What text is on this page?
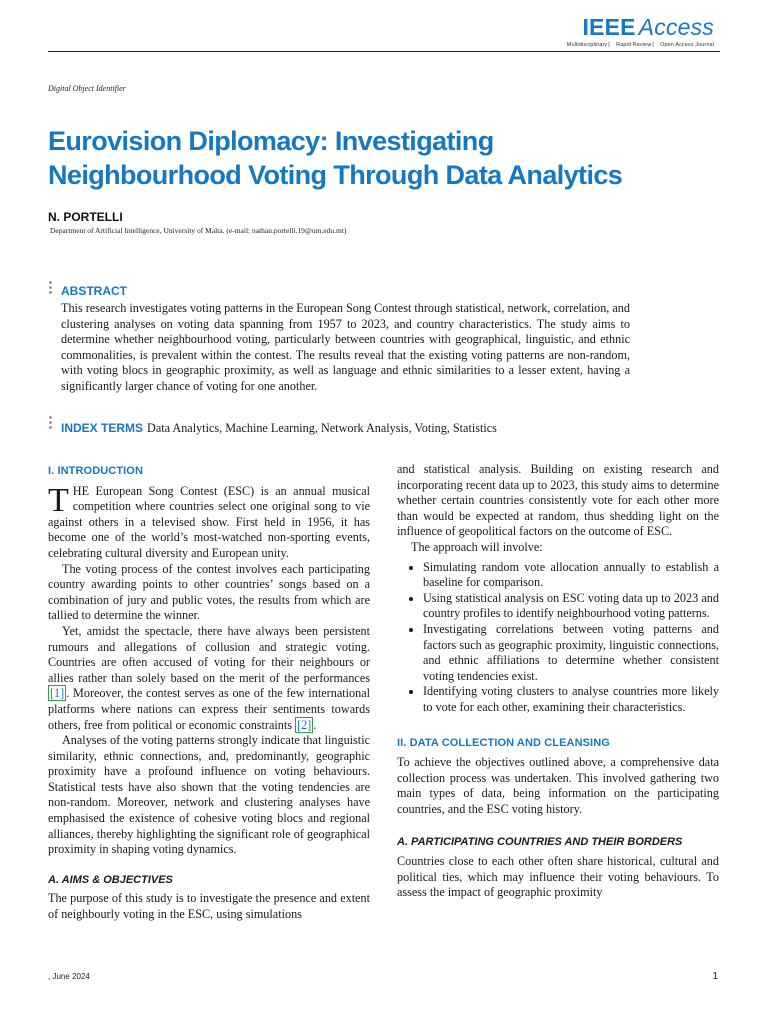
IEEE Access
Multidisciplinary ⎸ Rapid Review ⎸ Open Access Journal
Digital Object Identifier
Eurovision Diplomacy: Investigating
Neighbourhood Voting Through Data Analytics
N. PORTELLI
Department of Artificial Intelligence, University of Malta. (e-mail: nathan.portelli.19@um.edu.mt)
ABSTRACT
This research investigates voting patterns in the European Song Contest through statistical, network, correlation, and clustering analyses on voting data spanning from 1957 to 2023, and country characteristics. The study aims to determine whether neighbourhood voting, particularly between countries with geographical, linguistic, and ethnic commonalities, is prevalent within the contest. The results reveal that the existing voting patterns are non-random, with voting blocs in geographic proximity, as well as language and ethnic similarities to a lesser extent, having a significantly larger chance of voting for one another.
INDEX TERMS Data Analytics, Machine Learning, Network Analysis, Voting, Statistics
I. INTRODUCTION

THE European Song Contest (ESC) is an annual musical competition where countries select one original song to vie against others in a televised show. First held in 1956, it has become one of the world’s most-watched non-sporting events, celebrating cultural diversity and European unity.

The voting process of the contest involves each participating country awarding points to other countries’ songs based on a combination of jury and public votes, the results from which are tallied to determine the winner.

Yet, amidst the spectacle, there have always been persistent rumours and allegations of collusion and strategic voting. Countries are often accused of voting for their neighbours or allies rather than solely based on the merit of the performances [1] . Moreover, the contest serves as one of the few international platforms where nations can express their sentiments towards others, free from political or economic constraints [2] .

Analyses of the voting patterns strongly indicate that linguistic similarity, ethnic connections, and, predominantly, geographic proximity have a profound influence on voting behaviours. Statistical tests have also shown that the voting tendencies are non-random. Moreover, network and clustering analyses have emphasised the existence of cohesive voting blocs and regional alliances, thereby highlighting the significant role of geographical proximity in shaping voting dynamics.

A. AIMS & OBJECTIVES

The purpose of this study is to investigate the presence and extent of neighbourly voting in the ESC, using simulations

and statistical analysis. Building on existing research and incorporating recent data up to 2023, this study aims to determine whether certain countries consistently vote for each other more than would be expected at random, thus shedding light on the influence of geopolitical factors on the outcome of ESC.

The approach will involve:

• Simulating random vote allocation annually to establish a baseline for comparison.
• Using statistical analysis on ESC voting data up to 2023 and country profiles to identify neighbourhood voting patterns.
• Investigating correlations between voting patterns and factors such as geographic proximity, linguistic connections, and ethnic affiliations to determine whether consistent voting tendencies exist.
• Identifying voting clusters to analyse countries more likely to vote for each other, examining their characteristics.
II. DATA COLLECTION AND CLEANSING

To achieve the objectives outlined above, a comprehensive data collection process was undertaken. This involved gathering two main types of data, being information on the participating countries, and the ESC voting history.

A. PARTICIPATING COUNTRIES AND THEIR BORDERS

Countries close to each other often share historical, cultural and political ties, which may influence their voting behaviours. To assess the impact of geographic proximity

, June 2024	1
